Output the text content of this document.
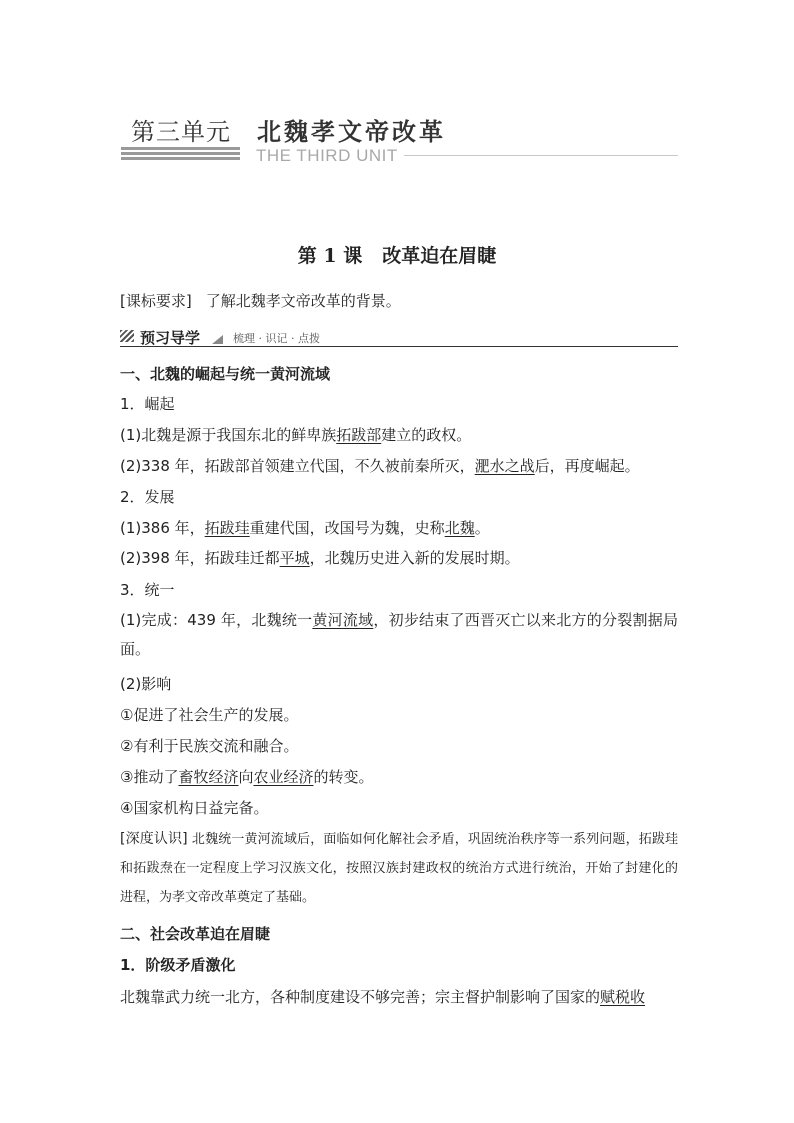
第三单元 北魏孝文帝改革
THE THIRD UNIT
第 1 课 改革迫在眉睫
[课标要求] 了解北魏孝文帝改革的背景。
预习导学	梳理 · 识记 · 点拨
一、北魏的崛起与统一黄河流域
1．崛起
(1)北魏是源于我国东北的鲜卑族拓跋部建立的政权。
(2)338 年，拓跋部首领建立代国，不久被前秦所灭，淝水之战后，再度崛起。
2．发展
(1)386 年，拓跋珪重建代国，改国号为魏，史称北魏。
(2)398 年，拓跋珪迁都平城，北魏历史进入新的发展时期。
3．统一
(1)完成：439 年，北魏统一黄河流域，初步结束了西晋灭亡以来北方的分裂割据局面。
(2)影响
①促进了社会生产的发展。
②有利于民族交流和融合。
③推动了畜牧经济向农业经济的转变。
④国家机构日益完备。
[深度认识] 北魏统一黄河流域后，面临如何化解社会矛盾，巩固统治秩序等一系列问题，拓跋珪和拓跋焘在一定程度上学习汉族文化，按照汉族封建政权的统治方式进行统治，开始了封建化的进程，为孝文帝改革奠定了基础。
二、社会改革迫在眉睫
1．阶级矛盾激化
北魏靠武力统一北方，各种制度建设不够完善；宗主督护制影响了国家的赋税收
